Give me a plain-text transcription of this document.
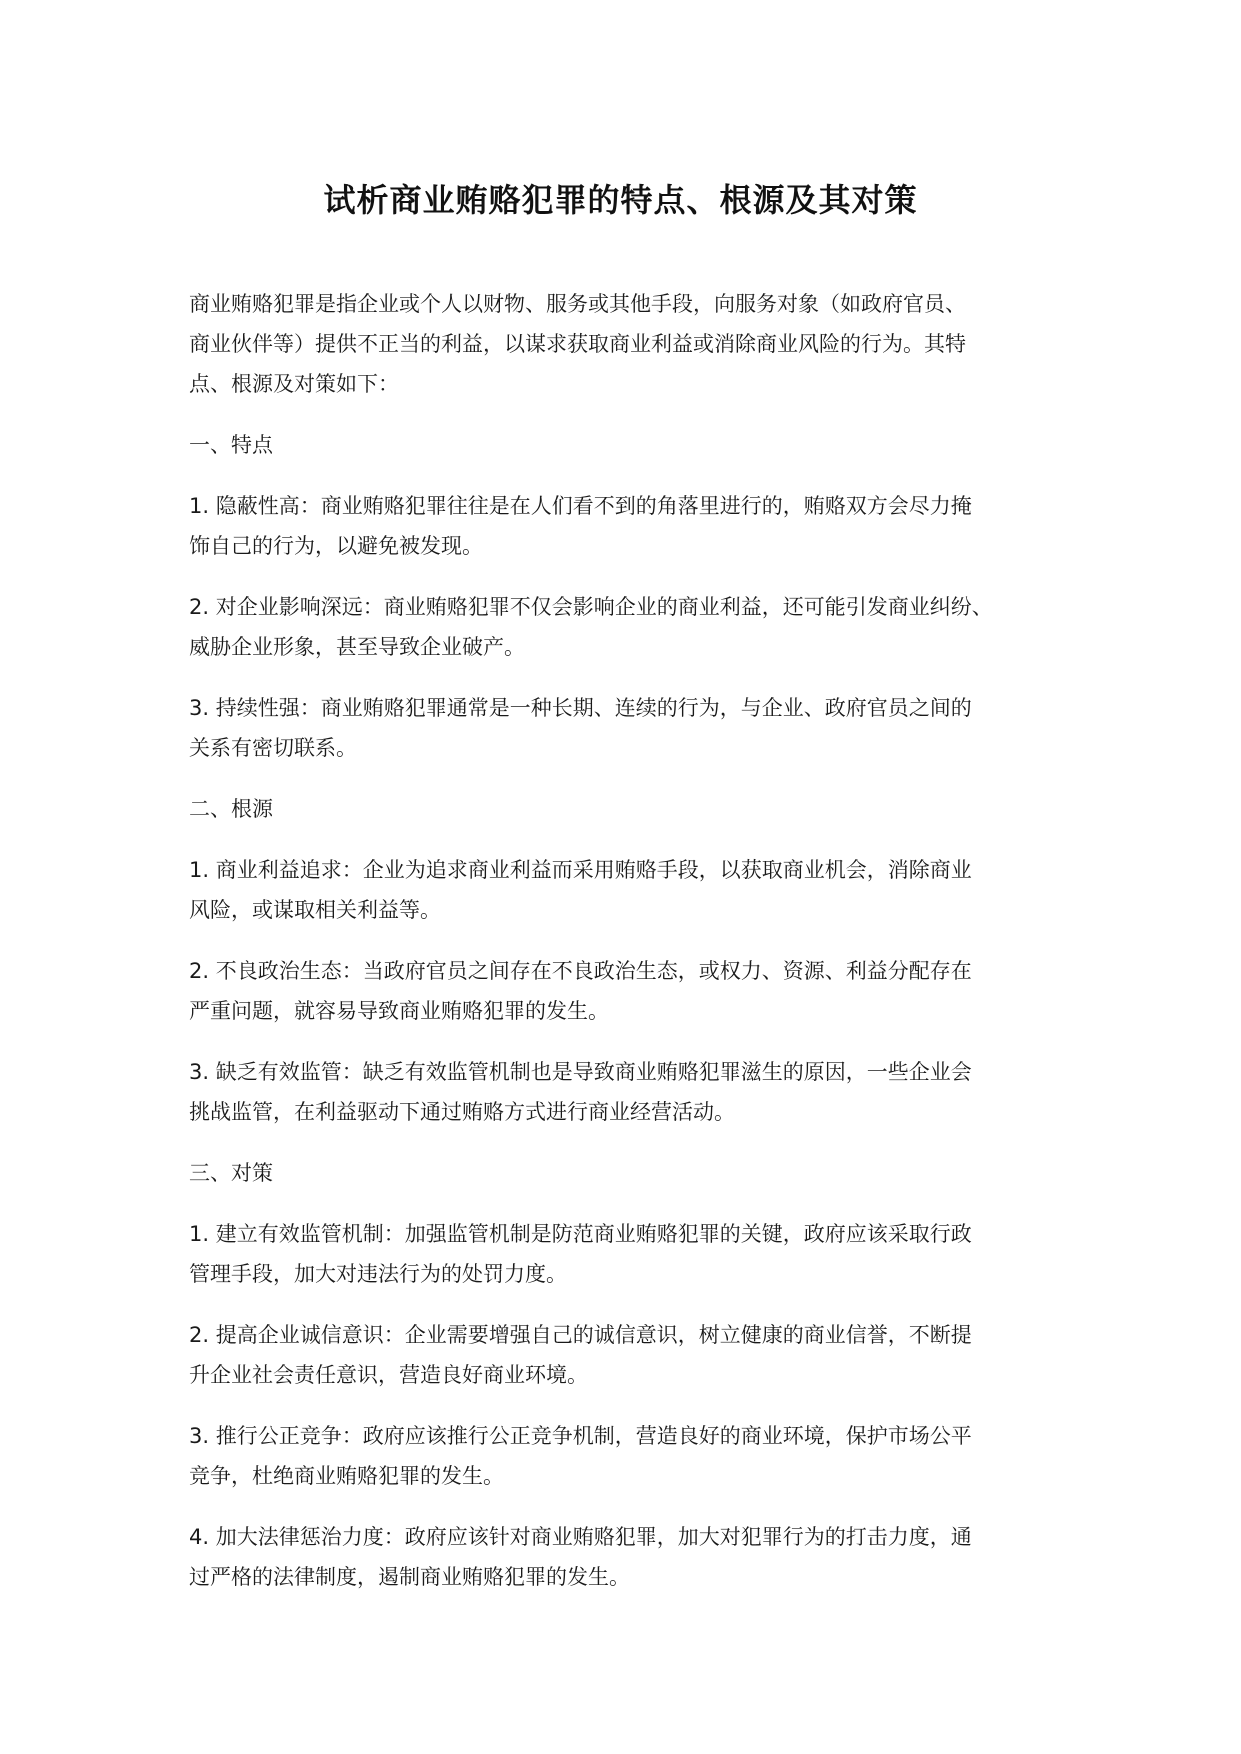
试析商业贿赂犯罪的特点、根源及其对策

商业贿赂犯罪是指企业或个人以财物、服务或其他手段，向服务对象（如政府官员、
商业伙伴等）提供不正当的利益，以谋求获取商业利益或消除商业风险的行为。其特
点、根源及对策如下：

一、特点

1. 隐蔽性高：商业贿赂犯罪往往是在人们看不到的角落里进行的，贿赂双方会尽力掩
饰自己的行为，以避免被发现。

2. 对企业影响深远：商业贿赂犯罪不仅会影响企业的商业利益，还可能引发商业纠纷、
威胁企业形象，甚至导致企业破产。

3. 持续性强：商业贿赂犯罪通常是一种长期、连续的行为，与企业、政府官员之间的
关系有密切联系。

二、根源

1. 商业利益追求：企业为追求商业利益而采用贿赂手段，以获取商业机会，消除商业
风险，或谋取相关利益等。

2. 不良政治生态：当政府官员之间存在不良政治生态，或权力、资源、利益分配存在
严重问题，就容易导致商业贿赂犯罪的发生。

3. 缺乏有效监管：缺乏有效监管机制也是导致商业贿赂犯罪滋生的原因，一些企业会
挑战监管，在利益驱动下通过贿赂方式进行商业经营活动。

三、对策

1. 建立有效监管机制：加强监管机制是防范商业贿赂犯罪的关键，政府应该采取行政
管理手段，加大对违法行为的处罚力度。

2. 提高企业诚信意识：企业需要增强自己的诚信意识，树立健康的商业信誉，不断提
升企业社会责任意识，营造良好商业环境。

3. 推行公正竞争：政府应该推行公正竞争机制，营造良好的商业环境，保护市场公平
竞争，杜绝商业贿赂犯罪的发生。

4. 加大法律惩治力度：政府应该针对商业贿赂犯罪，加大对犯罪行为的打击力度，通
过严格的法律制度，遏制商业贿赂犯罪的发生。
